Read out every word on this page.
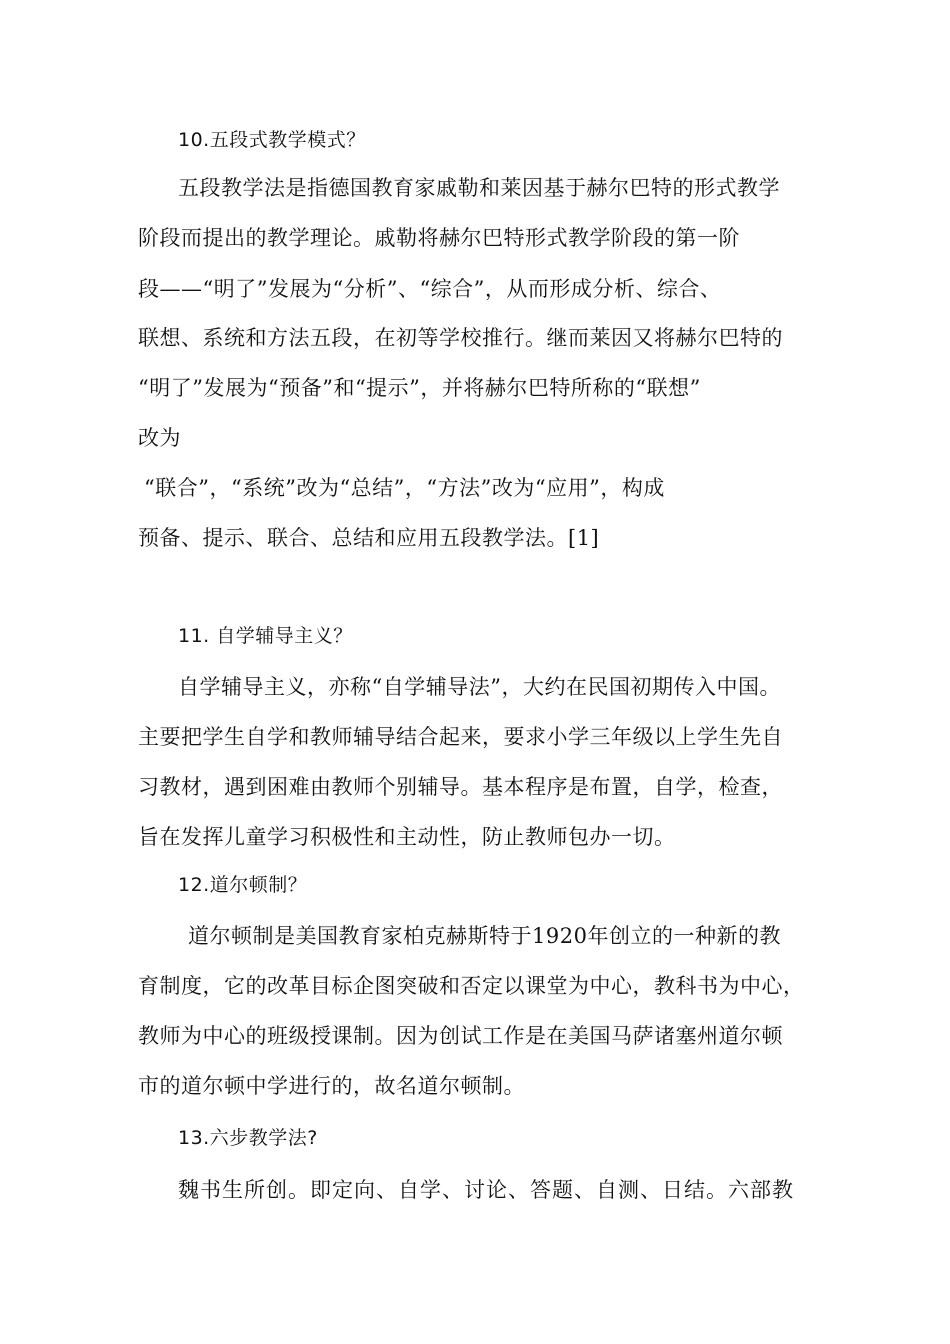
10.五段式教学模式？
五段教学法是指德国教育家戚勒和莱因基于赫尔巴特的形式教学
阶段而提出的教学理论。戚勒将赫尔巴特形式教学阶段的第一阶
段——“明了”发展为“分析”、“综合”，从而形成分析、综合、
联想、系统和方法五段，在初等学校推行。继而莱因又将赫尔巴特的
“明了”发展为“预备”和“提示”，并将赫尔巴特所称的“联想”
改为
“联合”，“系统”改为“总结”，“方法”改为“应用”，构成
预备、提示、联合、总结和应用五段教学法。[1]
11. 自学辅导主义？
自学辅导主义，亦称“自学辅导法”，大约在民国初期传入中国。
主要把学生自学和教师辅导结合起来，要求小学三年级以上学生先自
习教材，遇到困难由教师个别辅导。基本程序是布置，自学，检查，
旨在发挥儿童学习积极性和主动性，防止教师包办一切。
12.道尔顿制？
道尔顿制是美国教育家柏克赫斯特于1920年创立的一种新的教
育制度，它的改革目标企图突破和否定以课堂为中心，教科书为中心，
教师为中心的班级授课制。因为创试工作是在美国马萨诸塞州道尔顿
市的道尔顿中学进行的，故名道尔顿制。
13.六步教学法?
魏书生所创。即定向、自学、讨论、答题、自测、日结。六部教
